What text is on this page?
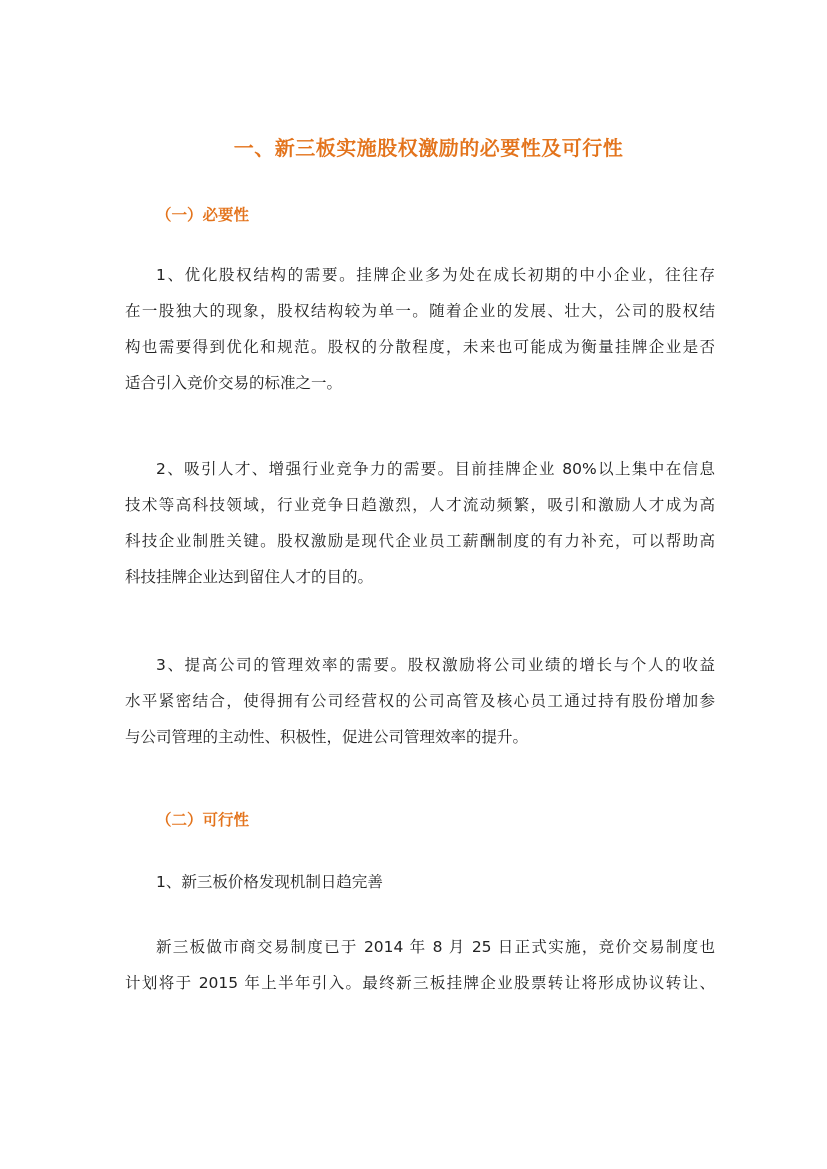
一、新三板实施股权激励的必要性及可行性
（一）必要性
1、优化股权结构的需要。挂牌企业多为处在成长初期的中小企业，往往存
在一股独大的现象，股权结构较为单一。随着企业的发展、壮大，公司的股权结
构也需要得到优化和规范。股权的分散程度，未来也可能成为衡量挂牌企业是否
适合引入竞价交易的标准之一。
2、吸引人才、增强行业竞争力的需要。目前挂牌企业 80%以上集中在信息
技术等高科技领域，行业竞争日趋激烈，人才流动频繁，吸引和激励人才成为高
科技企业制胜关键。股权激励是现代企业员工薪酬制度的有力补充，可以帮助高
科技挂牌企业达到留住人才的目的。
3、提高公司的管理效率的需要。股权激励将公司业绩的增长与个人的收益
水平紧密结合，使得拥有公司经营权的公司高管及核心员工通过持有股份增加参
与公司管理的主动性、积极性，促进公司管理效率的提升。
（二）可行性
1、新三板价格发现机制日趋完善
新三板做市商交易制度已于 2014 年 8 月 25 日正式实施，竞价交易制度也
计划将于 2015 年上半年引入。最终新三板挂牌企业股票转让将形成协议转让、
